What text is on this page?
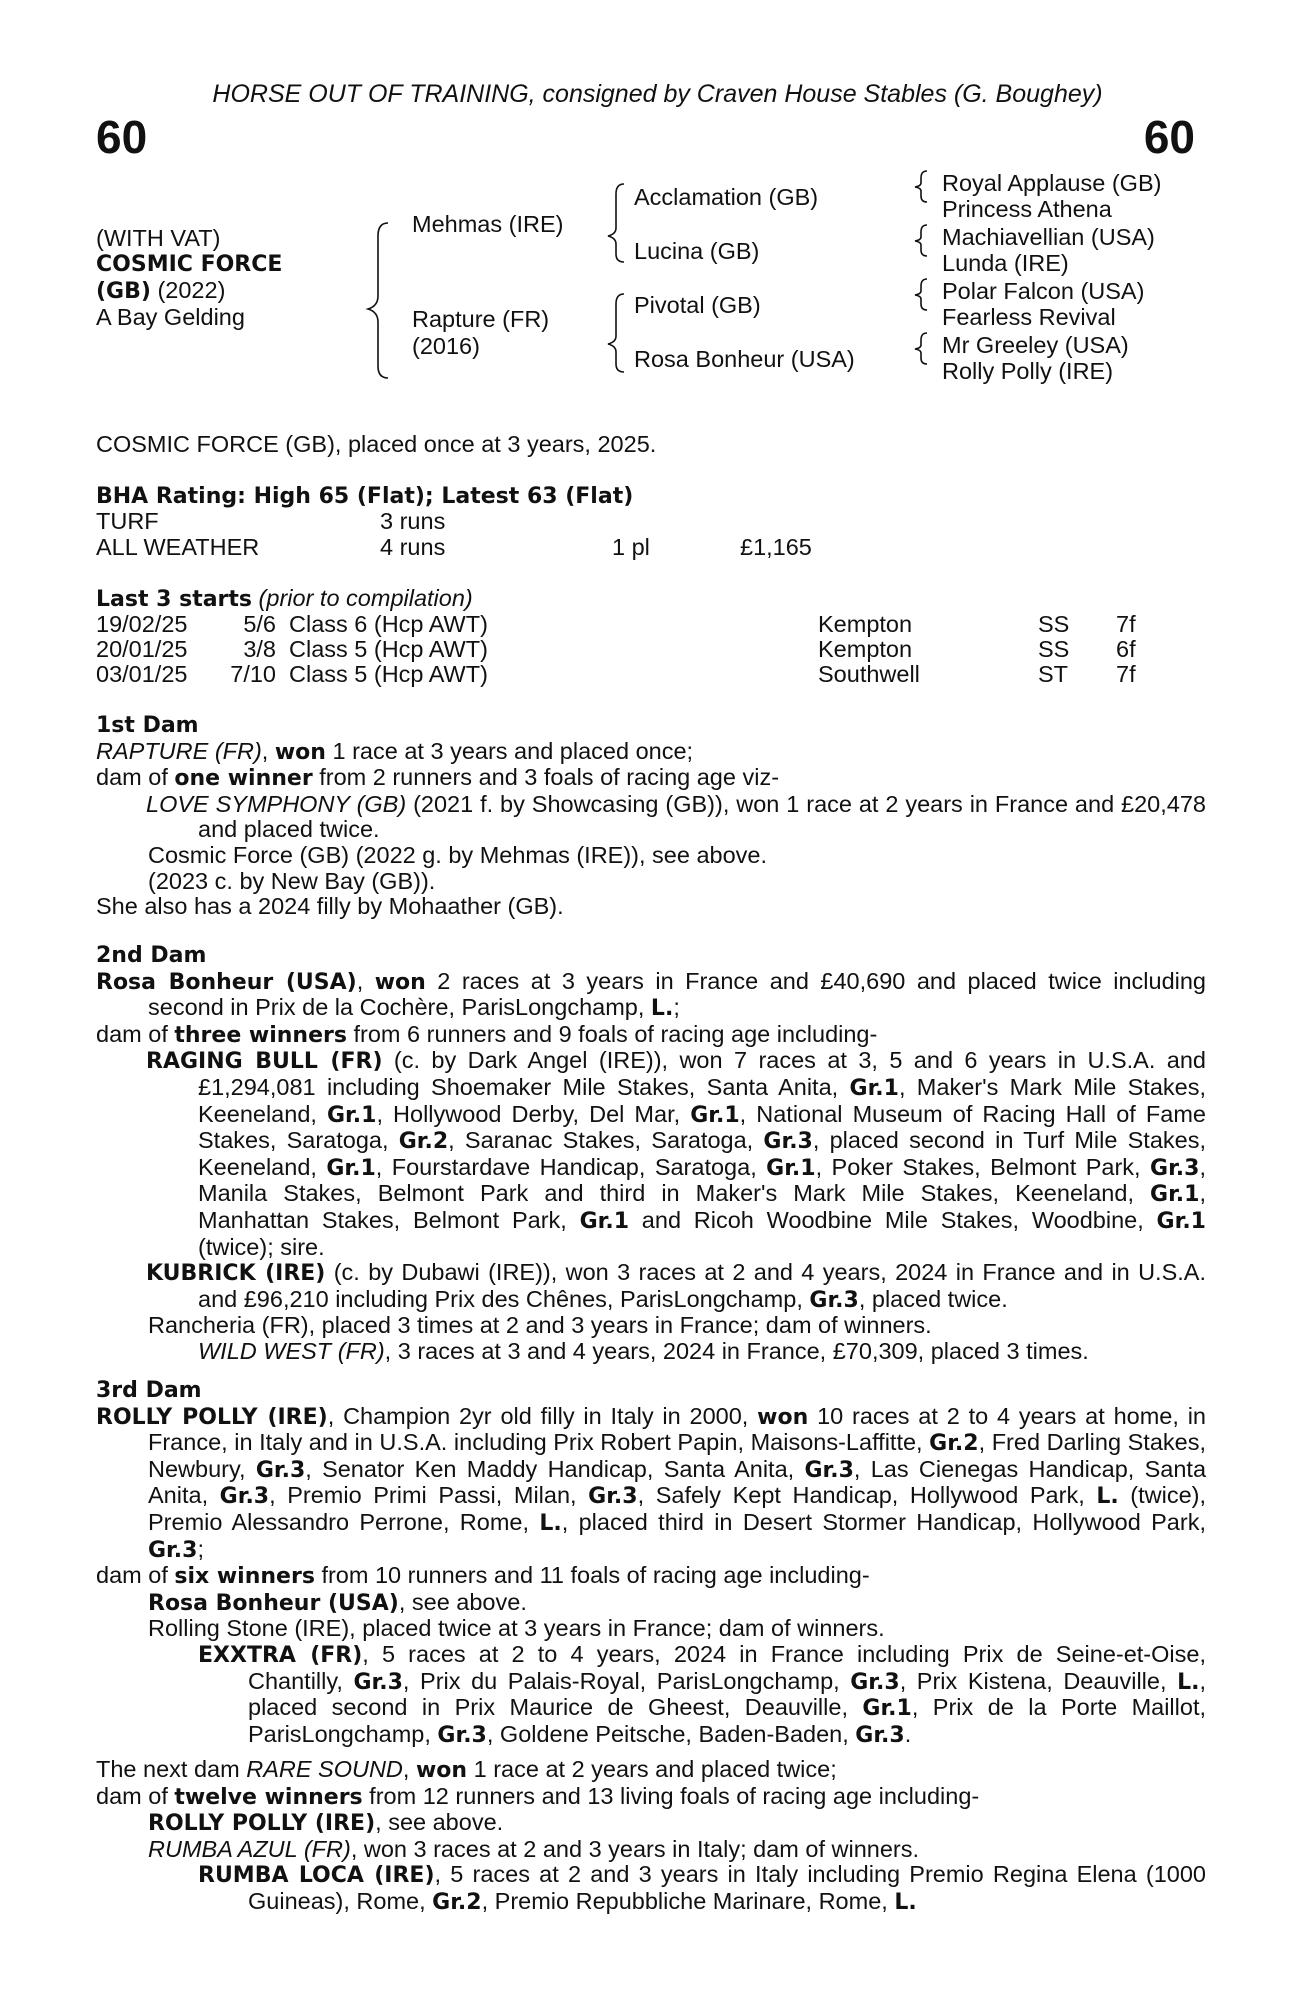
HORSE OUT OF TRAINING, consigned by Craven House Stables (G. Boughey)
60	60
(WITH VAT)
COSMIC FORCE
(GB) (2022)
A Bay Gelding
Mehmas (IRE)
Rapture (FR)
(2016)
Acclamation (GB)
Lucina (GB)
Pivotal (GB)
Rosa Bonheur (USA)
Royal Applause (GB)
Princess Athena
Machiavellian (USA)
Lunda (IRE)
Polar Falcon (USA)
Fearless Revival
Mr Greeley (USA)
Rolly Polly (IRE)
COSMIC FORCE (GB), placed once at 3 years, 2025.
BHA Rating: High 65 (Flat); Latest 63 (Flat)
TURF	3 runs
ALL WEATHER	4 runs	1 pl	£1,165
Last 3 starts (prior to compilation)
19/02/25	5/6 Class 6 (Hcp AWT)	Kempton	SS 7f
20/01/25	3/8 Class 5 (Hcp AWT)	Kempton	SS 6f
03/01/25	7/10 Class 5 (Hcp AWT)	Southwell	ST 7f

1st Dam

RAPTURE (FR), won 1 race at 3 years and placed once;

dam of one winner from 2 runners and 3 foals of racing age viz-

LOVE SYMPHONY (GB) (2021 f. by Showcasing (GB)), won 1 race at 2 years in France and £20,478 and placed twice.

Cosmic Force (GB) (2022 g. by Mehmas (IRE)), see above.

(2023 c. by New Bay (GB)).

She also has a 2024 filly by Mohaather (GB).

2nd Dam

Rosa Bonheur (USA), won 2 races at 3 years in France and £40,690 and placed twice including second in Prix de la Cochère, ParisLongchamp, L.;

dam of three winners from 6 runners and 9 foals of racing age including-

RAGING BULL (FR) (c. by Dark Angel (IRE)), won 7 races at 3, 5 and 6 years in U.S.A. and £1,294,081 including Shoemaker Mile Stakes, Santa Anita, Gr.1, Maker's Mark Mile Stakes, Keeneland, Gr.1, Hollywood Derby, Del Mar, Gr.1, National Museum of Racing Hall of Fame Stakes, Saratoga, Gr.2, Saranac Stakes, Saratoga, Gr.3, placed second in Turf Mile Stakes, Keeneland, Gr.1, Fourstardave Handicap, Saratoga, Gr.1, Poker Stakes, Belmont Park, Gr.3, Manila Stakes, Belmont Park and third in Maker's Mark Mile Stakes, Keeneland, Gr.1, Manhattan Stakes, Belmont Park, Gr.1 and Ricoh Woodbine Mile Stakes, Woodbine, Gr.1 (twice); sire.

KUBRICK (IRE) (c. by Dubawi (IRE)), won 3 races at 2 and 4 years, 2024 in France and in U.S.A. and £96,210 including Prix des Chênes, ParisLongchamp, Gr.3, placed twice.

Rancheria (FR), placed 3 times at 2 and 3 years in France; dam of winners.

WILD WEST (FR), 3 races at 3 and 4 years, 2024 in France, £70,309, placed 3 times.

3rd Dam

ROLLY POLLY (IRE), Champion 2yr old filly in Italy in 2000, won 10 races at 2 to 4 years at home, in France, in Italy and in U.S.A. including Prix Robert Papin, Maisons-Laffitte, Gr.2, Fred Darling Stakes, Newbury, Gr.3, Senator Ken Maddy Handicap, Santa Anita, Gr.3, Las Cienegas Handicap, Santa Anita, Gr.3, Premio Primi Passi, Milan, Gr.3, Safely Kept Handicap, Hollywood Park, L. (twice), Premio Alessandro Perrone, Rome, L., placed third in Desert Stormer Handicap, Hollywood Park, Gr.3;

dam of six winners from 10 runners and 11 foals of racing age including-

Rosa Bonheur (USA), see above.

Rolling Stone (IRE), placed twice at 3 years in France; dam of winners.

EXXTRA (FR), 5 races at 2 to 4 years, 2024 in France including Prix de Seine-et-Oise, Chantilly, Gr.3, Prix du Palais-Royal, ParisLongchamp, Gr.3, Prix Kistena, Deauville, L., placed second in Prix Maurice de Gheest, Deauville, Gr.1, Prix de la Porte Maillot, ParisLongchamp, Gr.3, Goldene Peitsche, Baden-Baden, Gr.3.

The next dam RARE SOUND, won 1 race at 2 years and placed twice;

dam of twelve winners from 12 runners and 13 living foals of racing age including-

ROLLY POLLY (IRE), see above.

RUMBA AZUL (FR), won 3 races at 2 and 3 years in Italy; dam of winners.

RUMBA LOCA (IRE), 5 races at 2 and 3 years in Italy including Premio Regina Elena (1000 Guineas), Rome, Gr.2, Premio Repubbliche Marinare, Rome, L.
